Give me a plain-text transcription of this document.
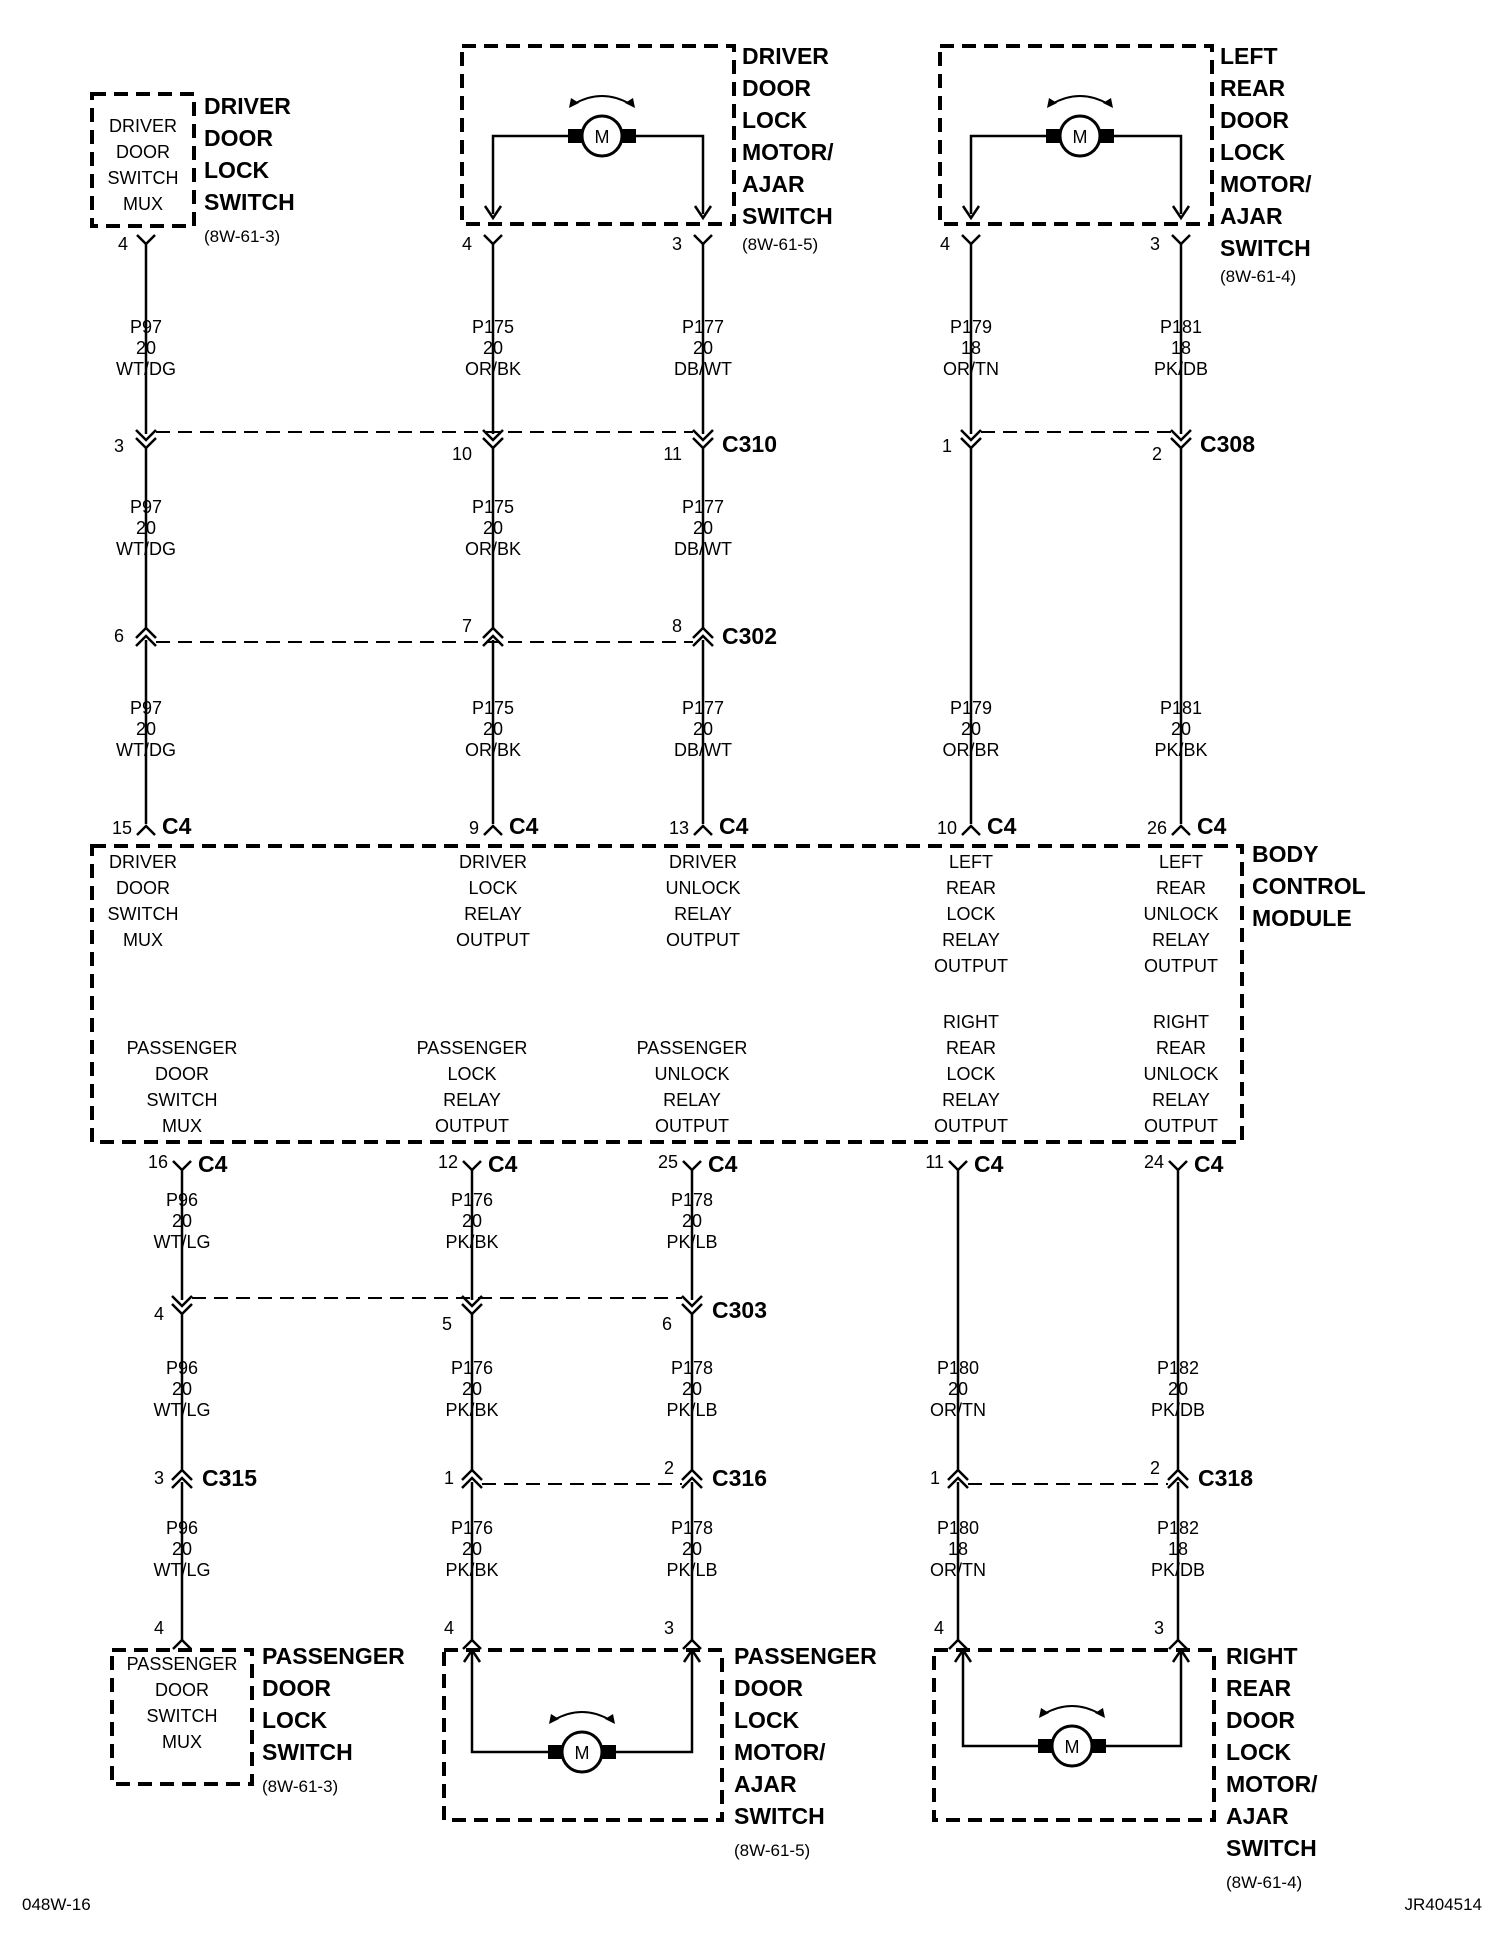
DRIVER
DOOR
SWITCH
MUX
DRIVER
DOOR
LOCK
SWITCH
(8W-61-3)
4
M
DRIVER
DOOR
LOCK
MOTOR/
AJAR
SWITCH
(8W-61-5)
4	3
M
LEFT
REAR
DOOR
LOCK
MOTOR/
AJAR
SWITCH
(8W-61-4)
4	3
3	10	11 C310	1	2 C308
P97
20
WT/DG
P175
20
OR/BK
P177
20
DB/WT
P179
18
OR/TN
P181
18
PK/DB
6	7	8 C302
P97
20
WT/DG
P175
20
OR/BK
P177
20
DB/WT
P97
20
WT/DG
P175
20
OR/BK
P177
20
DB/WT
P179
20
OR/BR
P181
20
PK/BK
15 C4	9 C4	13 C4	10 C4	26 C4
BODY
CONTROL
MODULE
DRIVER
DOOR
SWITCH
MUX
DRIVER
LOCK
RELAY
OUTPUT
DRIVER
UNLOCK
RELAY
OUTPUT
LEFT
REAR
LOCK
RELAY
OUTPUT
LEFT
REAR
UNLOCK
RELAY
OUTPUT
PASSENGER
DOOR
SWITCH
MUX
PASSENGER
LOCK
RELAY
OUTPUT
PASSENGER
UNLOCK
RELAY
OUTPUT
RIGHT
REAR
LOCK
RELAY
OUTPUT
RIGHT
REAR
UNLOCK
RELAY
OUTPUT
16 C4	12 C4	25 C4	11 C4	24 C4
P96
20
WT/LG
P176
20
PK/BK
P178
20
PK/LB
4	5	6
C303
P96
20
WT/LG
P176
20
PK/BK
P178
20
PK/LB
P180
20
OR/TN
P182
20
PK/DB
3 C315	1	2 C316	1	2 C318
P96
20
WT/LG
P176
20
PK/BK
P178
20
PK/LB
P180
18
OR/TN
P182
18
PK/DB
PASSENGER
DOOR
SWITCH
MUX
PASSENGER
DOOR
LOCK
SWITCH
(8W-61-3)
4
M
PASSENGER
DOOR
LOCK
MOTOR/
AJAR
SWITCH
(8W-61-5)
4	3
M
RIGHT
REAR
DOOR
LOCK
MOTOR/
AJAR
SWITCH
(8W-61-4)
4	3
048W-16	JR404514
